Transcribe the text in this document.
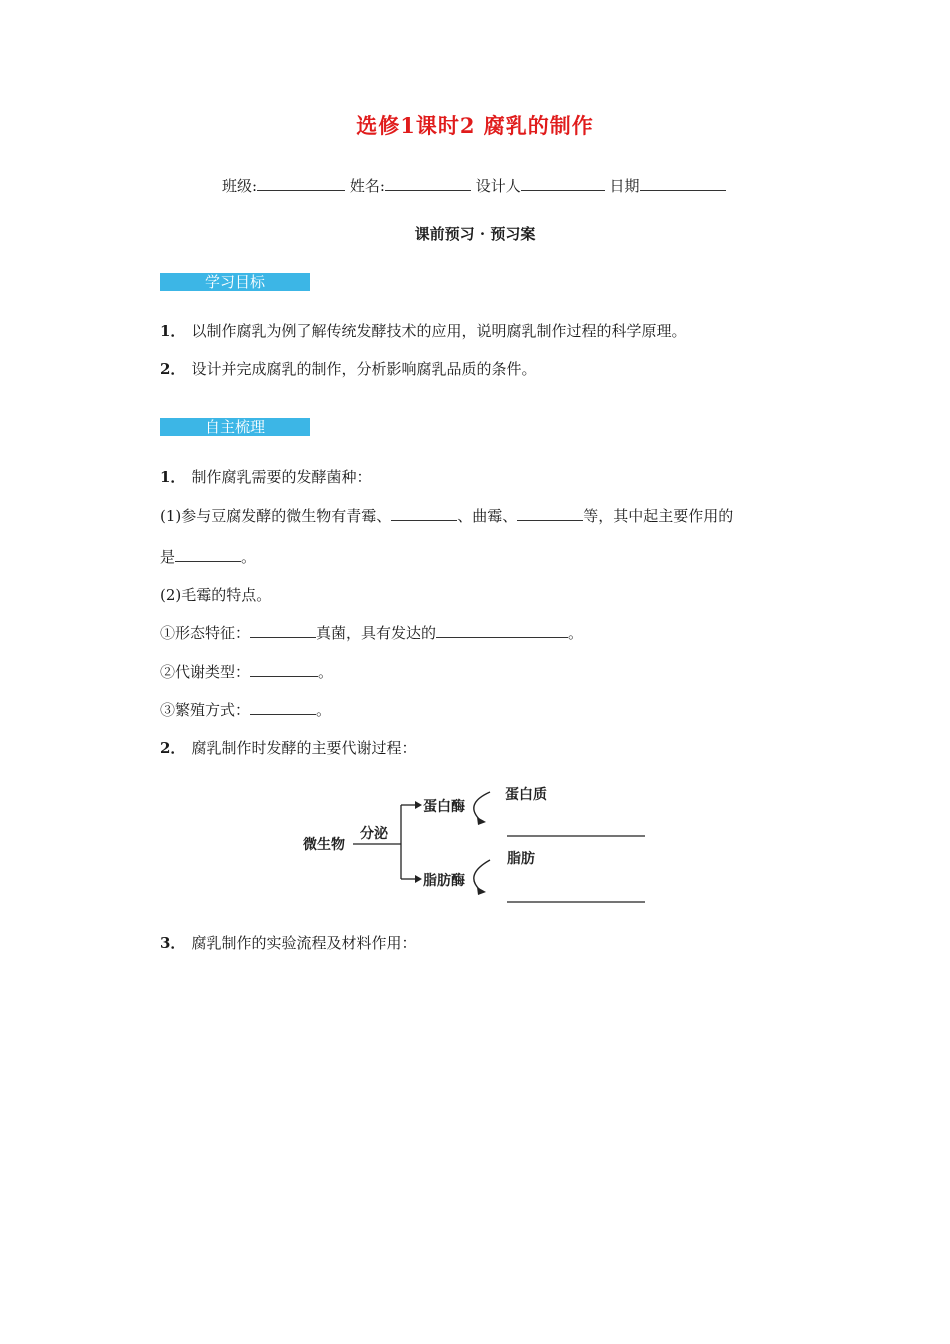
选修1课时2 腐乳的制作
班级:	姓名:	设计人	日期
课前预习 · 预习案
学习目标
1． 以制作腐乳为例了解传统发酵技术的应用，说明腐乳制作过程的科学原理。
2． 设计并完成腐乳的制作，分析影响腐乳品质的条件。
自主梳理
1． 制作腐乳需要的发酵菌种：
(1)参与豆腐发酵的微生物有青霉、	、曲霉、	等，其中起主要作用的
是	。
(2)毛霉的特点。
①形态特征：	真菌，具有发达的	。
②代谢类型：	。
③繁殖方式：	。
2． 腐乳制作时发酵的主要代谢过程：
微生物
分泌
蛋白酶
脂肪酶
蛋白质
脂肪
3． 腐乳制作的实验流程及材料作用：
